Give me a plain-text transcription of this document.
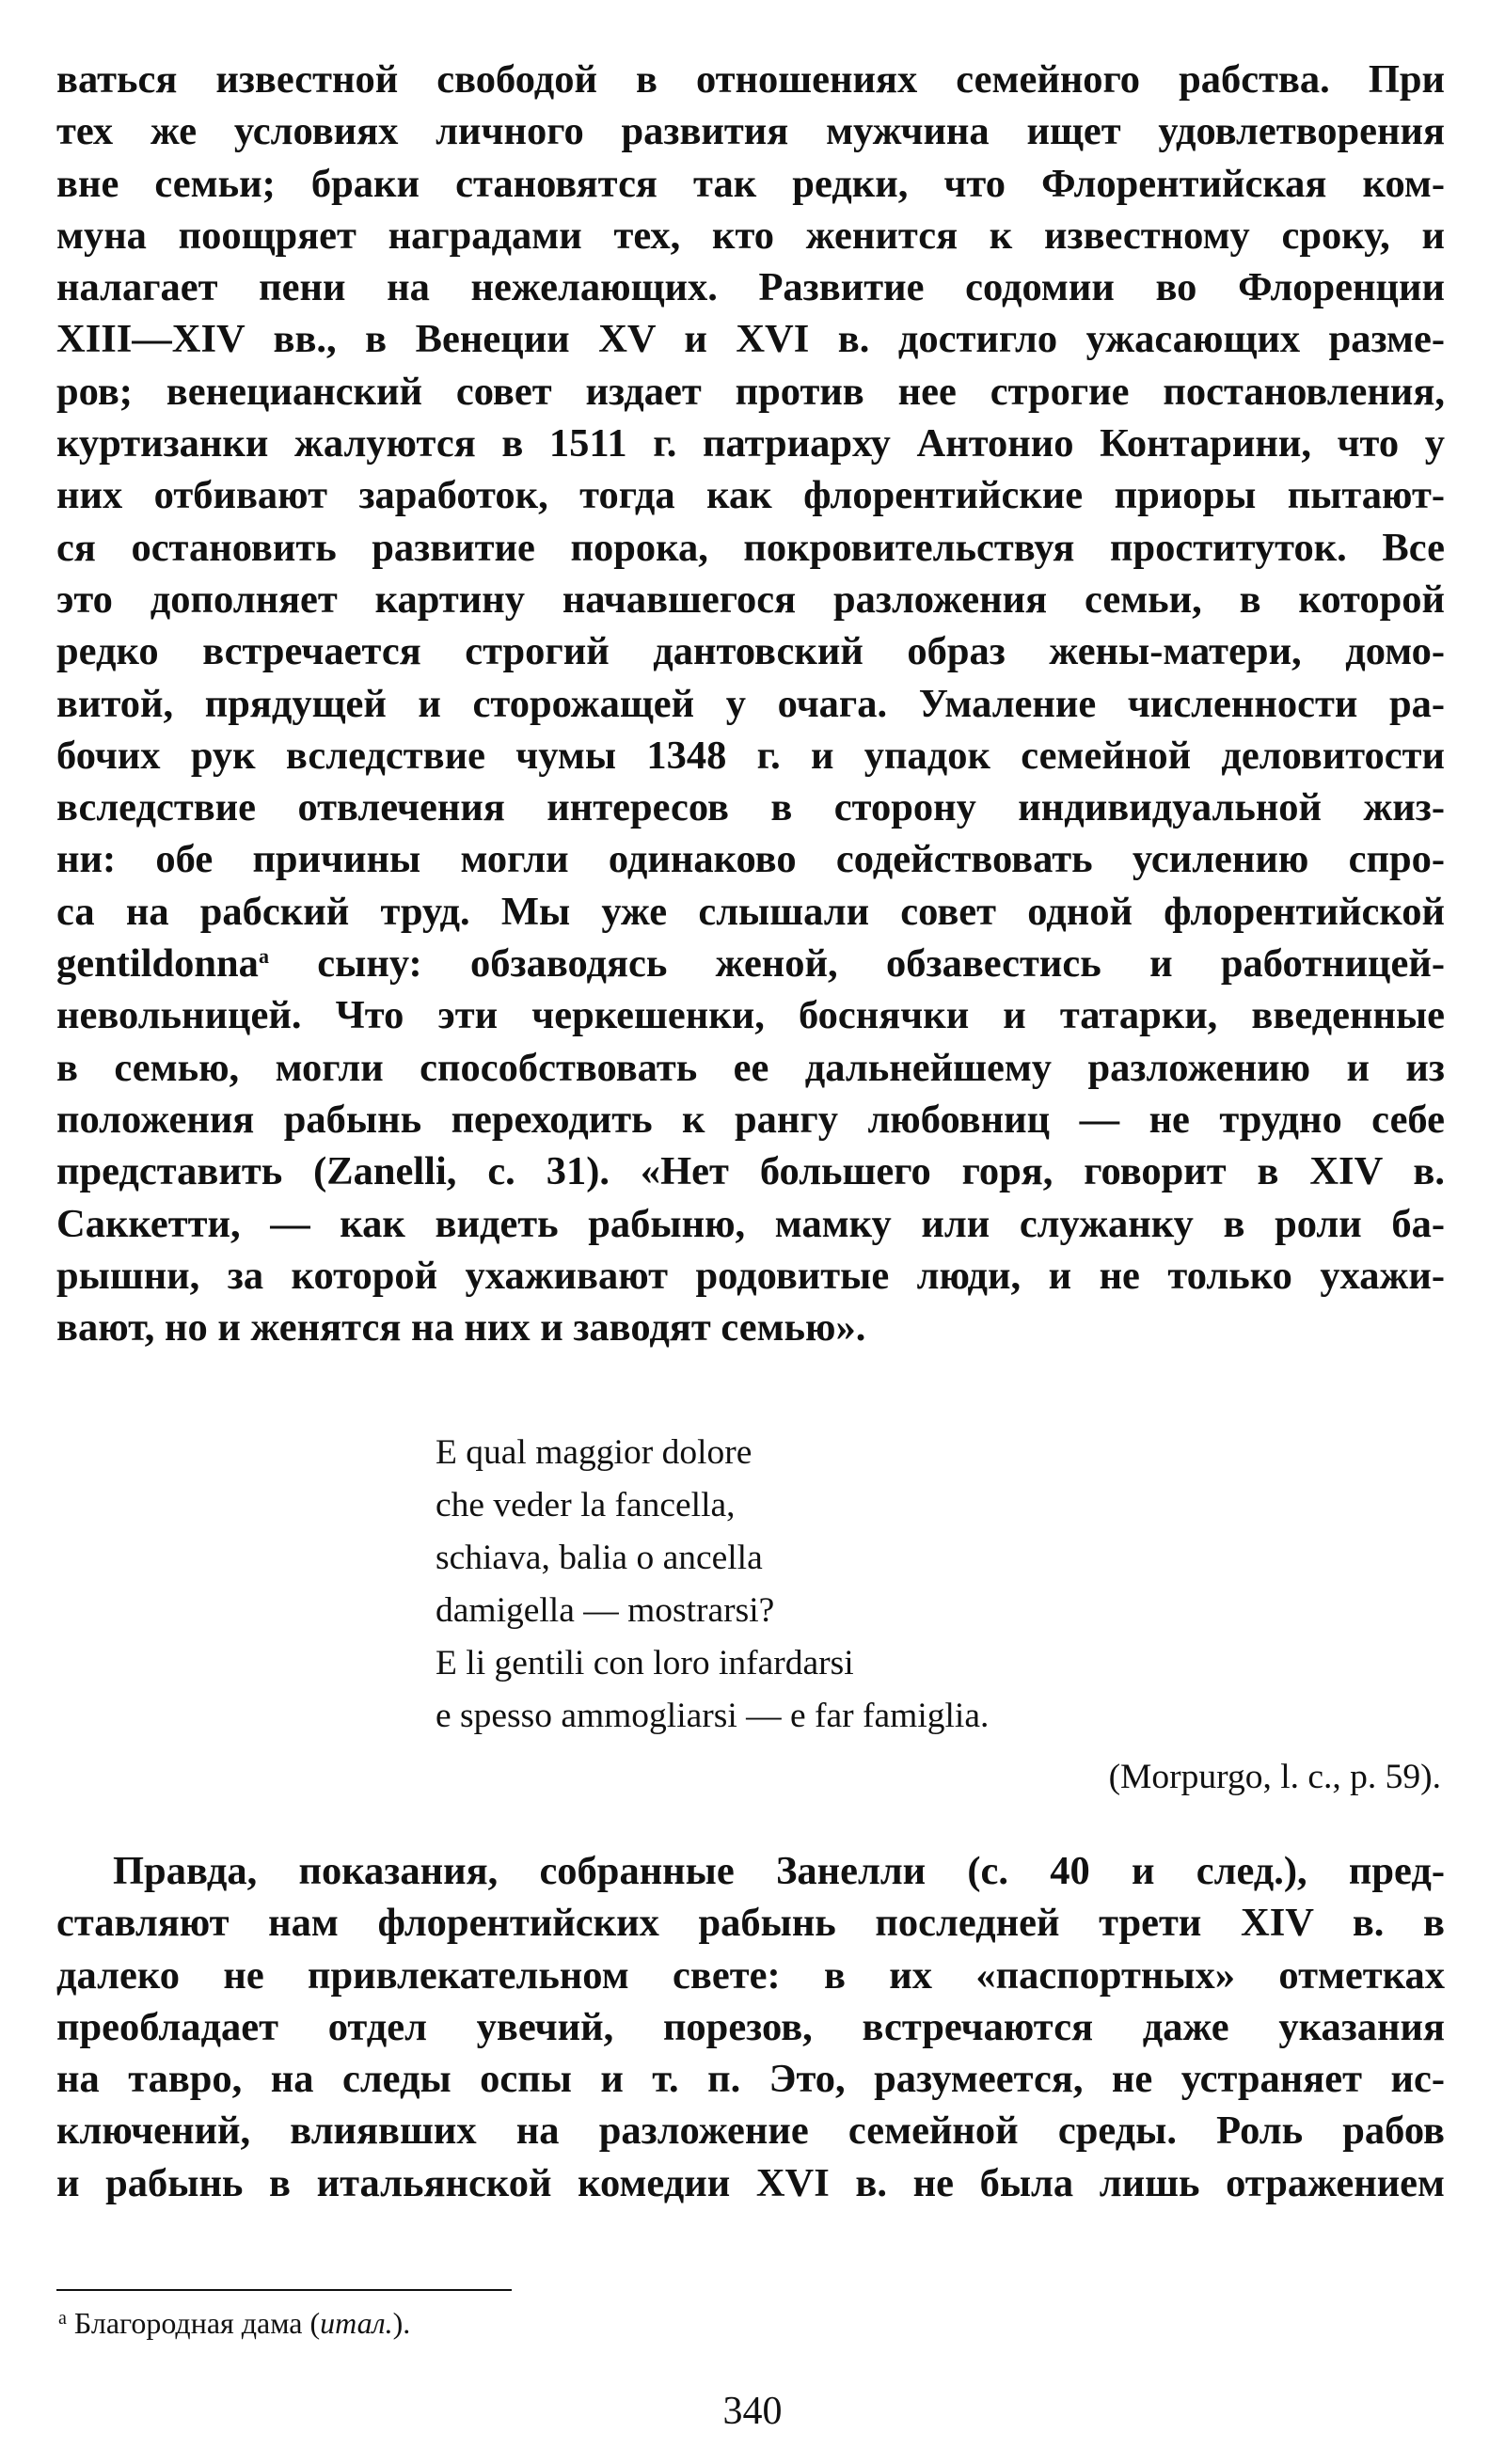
ваться известной свободой в отношениях семейного рабства. При
тех же условиях личного развития мужчина ищет удовлетворения
вне семьи; браки становятся так редки, что Флорентийская ком-
муна поощряет наградами тех, кто женится к известному сроку, и
налагает пени на нежелающих. Развитие содомии во Флоренции
XIII—XIV вв., в Венеции XV и XVI в. достигло ужасающих разме-
ров; венецианский совет издает против нее строгие постановления,
куртизанки жалуются в 1511 г. патриарху Антонио Контарини, что у
них отбивают заработок, тогда как флорентийские приоры пытают-
ся остановить развитие порока, покровительствуя проституток. Все
это дополняет картину начавшегося разложения семьи, в которой
редко встречается строгий дантовский образ жены-матери, домо-
витой, прядущей и сторожащей у очага. Умаление численности ра-
бочих рук вследствие чумы 1348 г. и упадок семейной деловитости
вследствие отвлечения интересов в сторону индивидуальной жиз-
ни: обе причины могли одинаково содействовать усилению спро-
са на рабский труд. Мы уже слышали совет одной флорентийской
gentildonna$^а$ сыну: обзаводясь женой, обзавестись и работницей-
невольницей. Что эти черкешенки, боснячки и татарки, введенные
в семью, могли способствовать ее дальнейшему разложению и из
положения рабынь переходить к рангу любовниц — не трудно себе
представить (Zanelli, с. 31). «Нет большего горя, говорит в XIV в.
Саккетти, — как видеть рабыню, мамку или служанку в роли ба-
рышни, за которой ухаживают родовитые люди, и не только ухажи-
вают, но и женятся на них и заводят семью».
E qual maggior dolore
che veder la fancella,
schiava, balia o ancella
damigella — mostrarsi?
E li gentili con loro infardarsi
e spesso ammogliarsi — e far famiglia.
(Morpurgo, l. c., p. 59).
Правда, показания, собранные Занелли (с. 40 и след.), пред-
ставляют нам флорентийских рабынь последней трети XIV в. в
далеко не привлекательном свете: в их «паспортных» отметках
преобладает отдел увечий, порезов, встречаются даже указания
на тавро, на следы оспы и т. п. Это, разумеется, не устраняет ис-
ключений, влиявших на разложение семейной среды. Роль рабов
и рабынь в итальянской комедии XVI в. не была лишь отражением
$^а$ Благородная дама (итал.).
340
